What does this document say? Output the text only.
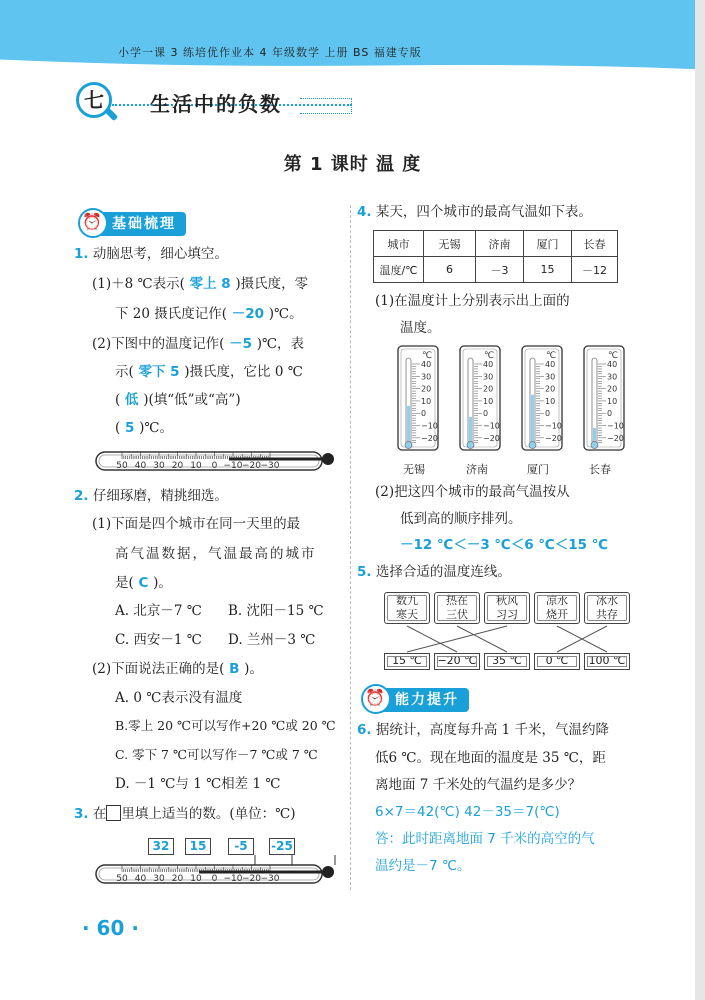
小学一课 3 练培优作业本 4 年级数学 上册 BS 福建专版
七	生活中的负数
第 1 课时 温 度
⏰ 基础梳理
1. 动脑思考，细心填空。
(1)＋8 ℃表示( 零上 8 )摄氏度，零
下 20 摄氏度记作( －20 )℃。
(2)下图中的温度记作( －5 )℃，表
示( 零下 5 )摄氏度，它比 0 ℃
( 低 )(填“低”或“高”)
( 5 )℃。
50 40 30 20 10 0 −10 −20 −30
2. 仔细琢磨，精挑细选。
(1)下面是四个城市在同一天里的最
高气温数据，气温最高的城市
是( C )。
A. 北京－7 ℃ B. 沈阳－15 ℃
C. 西安－1 ℃ D. 兰州－3 ℃
(2)下面说法正确的是( B )。
A. 0 ℃表示没有温度
B.零上 20 ℃可以写作+20 ℃或 20 ℃
C. 零下 7 ℃可以写作－7 ℃或 7 ℃
D. －1 ℃与 1 ℃相差 1 ℃
3. 在 里填上适当的数。(单位：℃)
32	15	-5	-25
50 40 30 20 10 0 −10 −20 −30
· 60 ·
4. 某天，四个城市的最高气温如下表。
城市	无锡	济南	厦门	长春
温度/℃	6	－3	15	－12
(1)在温度计上分别表示出上面的
温度。
℃
40
30
20
10
0
−10
−20
℃
40
30
20
10
0
−10
−20
℃
40
30
20
10
0
−10
−20
℃
40
30
20
10
0
−10
−20
无锡	济南	厦门	长春
(2)把这四个城市的最高气温按从
低到高的顺序排列。
－12 ℃＜－3 ℃＜6 ℃＜15 ℃
5. 选择合适的温度连线。
数九
寒天
热在
三伏
秋风
习习
凉水
烧开
冰水
共存
15 ℃	−20 ℃	35 ℃	0 ℃	100 ℃
⏰ 能力提升
6. 据统计，高度每升高 1 千米，气温约降
低6 ℃。现在地面的温度是 35 ℃，距
离地面 7 千米处的气温约是多少？
6×7＝42(℃) 42－35＝7(℃)
答：此时距离地面 7 千米的高空的气
温约是－7 ℃。
